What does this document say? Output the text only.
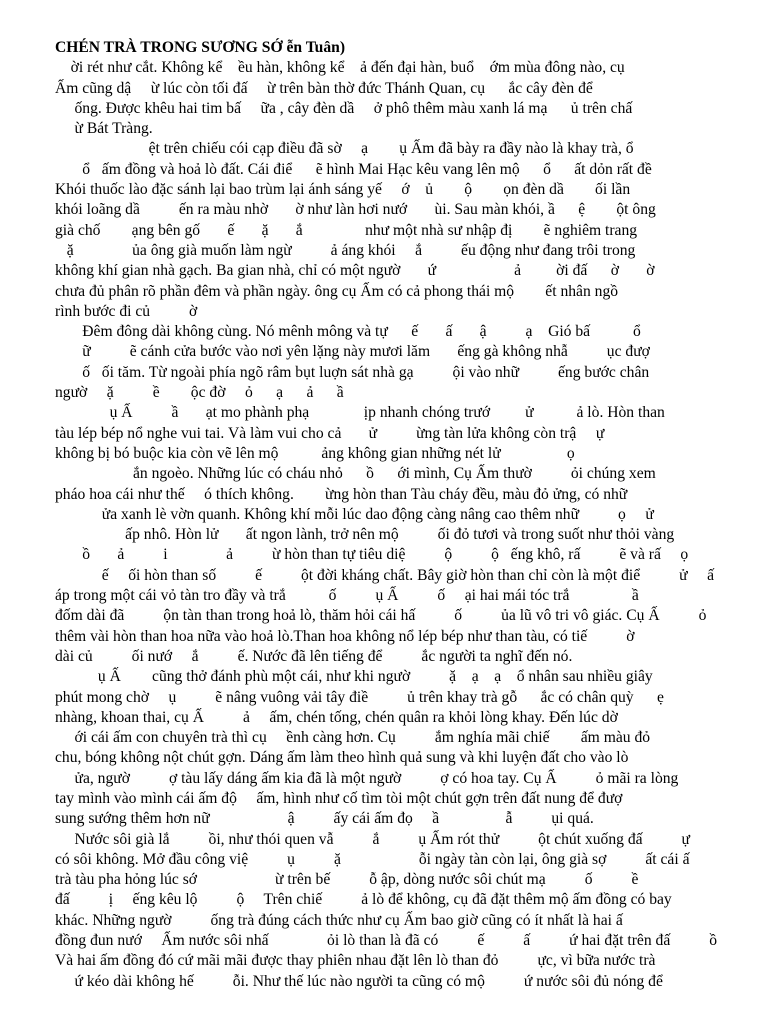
CHÉN TRÀ TRONG SƯƠNG SỚ ễn Tuân)
ời rét như cắt. Không kể    ều hàn, không kể    ả đến đại hàn, buổ    ớm mùa đông nào, cụ
Ấm cũng dậ     ừ lúc còn tối đấ     ừ trên bàn thờ đức Thánh Quan, cụ      ắc cây đèn để
ống. Được khêu hai tim bấ     ữa , cây đèn dầ     ở phô thêm màu xanh lá mạ      ủ trên chấ
ừ Bát Tràng.
ệt trên chiếu cói cạp điều đã sờ     ạ        ụ Ấm đã bày ra đầy nào là khay trà, ổ
ổ   ấm đồng và hoả lò đất. Cái điể      ẽ hình Mai Hạc kêu vang lên mộ      ổ      ất dỏn rất đề
Khói thuốc lào đặc sánh lại bao trùm lại ánh sáng yế     ớ    ủ        ộ        ọn đèn dầ        ối lần
khói loãng dầ          ến ra màu nhờ       ờ như làn hơi nướ       ùi. Sau màn khói, ầ      ệ        ột ông
già chố        ạng bên gố       ế       ặ       ắ                như một nhà sư nhập đị        ẽ nghiêm trang
ặ               ủa ông già muốn làm ngừ          ả áng khói     ắ          ếu động như đang trôi trong
không khí gian nhà gạch. Ba gian nhà, chỉ có một ngườ       ứ                    ả         ời đấ      ờ       ờ
chưa đủ phân rõ phần đêm và phần ngày. ông cụ Ấm có cả phong thái mộ        ết nhân ngồ
rình bước đi củ          ờ
Đêm đông dài không cùng. Nó mênh mông và tự      ế       ấ       ậ          ạ    Gió bấ           ổ
ữ          ẽ cánh cửa bước vào nơi yên lặng này mươi lăm       ếng gà không nhẫ          ục đượ
ố   ối tăm. Từ ngoài phía ngõ râm bụt luợn sát nhà gạ          ội vào nhữ          ếng bước chân
ngườ     ặ          ề        ộc đờ     ỏ      ạ      ả      ầ
ụ Ấ          ầ       ạt mo phành phạ              ịp nhanh chóng trướ         ử           ả lò. Hòn than
tàu lép bép nổ nghe vui tai. Và làm vui cho cả       ử          ừng tàn lửa không còn trậ     ự
không bị bó buộc kia còn vẽ lên mộ           ảng không gian những nét lử                 ọ
ắn ngoèo. Những lúc có cháu nhỏ      ồ      ới mình, Cụ Ấm thườ          ỏi chúng xem
pháo hoa cái như thế     ó thích không.        ừng hòn than Tàu cháy đều, màu đỏ ửng, có nhữ
ửa xanh lè vờn quanh. Không khí mỗi lúc dao động càng nâng cao thêm nhữ          ọ     ử
ấp nhô. Hòn lử       ất ngon lành, trở nên mộ          ối đỏ tươi và trong suốt như thỏi vàng
ồ       ả          i               ả          ừ hòn than tự tiêu diệ          ộ          ộ   ếng khô, rấ          ẽ và rấ     ọ
ế     ối hòn than số          ế          ột đời kháng chất. Bây giờ hòn than chỉ còn là một điể          ử     ấ
áp trong một cái vỏ tàn tro đầy và trắ           ố          ụ Ấ          ố     ại hai mái tóc trắ                ầ
đốm dài đã          ộn tàn than trong hoả lò, thăm hỏi cái hấ          ố          ủa lũ vô tri vô giác. Cụ Ấ          ỏ
thêm vài hòn than hoa nữa vào hoả lò.Than hoa không nổ lép bép như than tàu, có tiế          ờ
dài củ          ối nướ     ắ          ế. Nước đã lên tiếng để          ắc người ta nghĩ đến nó.
ụ Ấ        cũng thở đánh phù một cái, như khi ngườ          ặ    ạ    ạ    ổ nhân sau nhiều giây
phút mong chờ     ụ          ẽ nâng vuông vải tây điề          ủ trên khay trà gỗ      ắc có chân quỳ      ẹ
nhàng, khoan thai, cụ Ấ          ả     ấm, chén tống, chén quân ra khỏi lòng khay. Đến lúc dờ
ới cái ấm con chuyên trà thì cụ     ềnh càng hơn. Cụ          ắm nghía mãi chiế        ấm màu đỏ
chu, bóng không nột chút gợn. Dáng ấm làm theo hình quả sung và khi luyện đất cho vào lò
ửa, ngườ          ợ tàu lấy dáng ấm kia đã là một ngườ          ợ có hoa tay. Cụ Ấ          ỏ mãi ra lòng
tay mình vào mình cái ấm độ     ấm, hình như cố tìm tòi một chút gợn trên đất nung để đượ
sung sướng thêm hơn nữ                    ậ          ấy cái ấm đọ     ầ                 ẫ          ụi quá.
Nước sôi già lắ          ồi, như thói quen vẫ          ắ          ụ Ấm rót thử          ột chút xuống đấ          ự
có sôi không. Mở đầu công việ          ụ          ặ                    ỗi ngày tàn còn lại, ông già sợ          ất cái ấ
trà tàu pha hỏng lúc sớ                    ừ trên bế          ỗ ập, dòng nước sôi chút mạ          ố          ề
đấ          ị     ếng kêu lộ          ộ     Trên chiế          ả lò để không, cụ đã đặt thêm mộ ấm đồng có bay
khác. Những ngườ          ống trà đúng cách thức như cụ Ấm bao giờ cũng có ít nhất là hai ấ
đồng đun nướ     Ấm nước sôi nhấ               ỏi lò than là đã có          ế          ấ          ứ hai đặt trên đấ          ồ
Và hai ấm đồng đó cứ mãi mãi được thay phiên nhau đặt lên lò than đỏ          ực, vì bữa nước trà
ứ kéo dài không hế          ỗi. Như thế lúc nào người ta cũng có mộ          ứ nước sôi đủ nóng để
